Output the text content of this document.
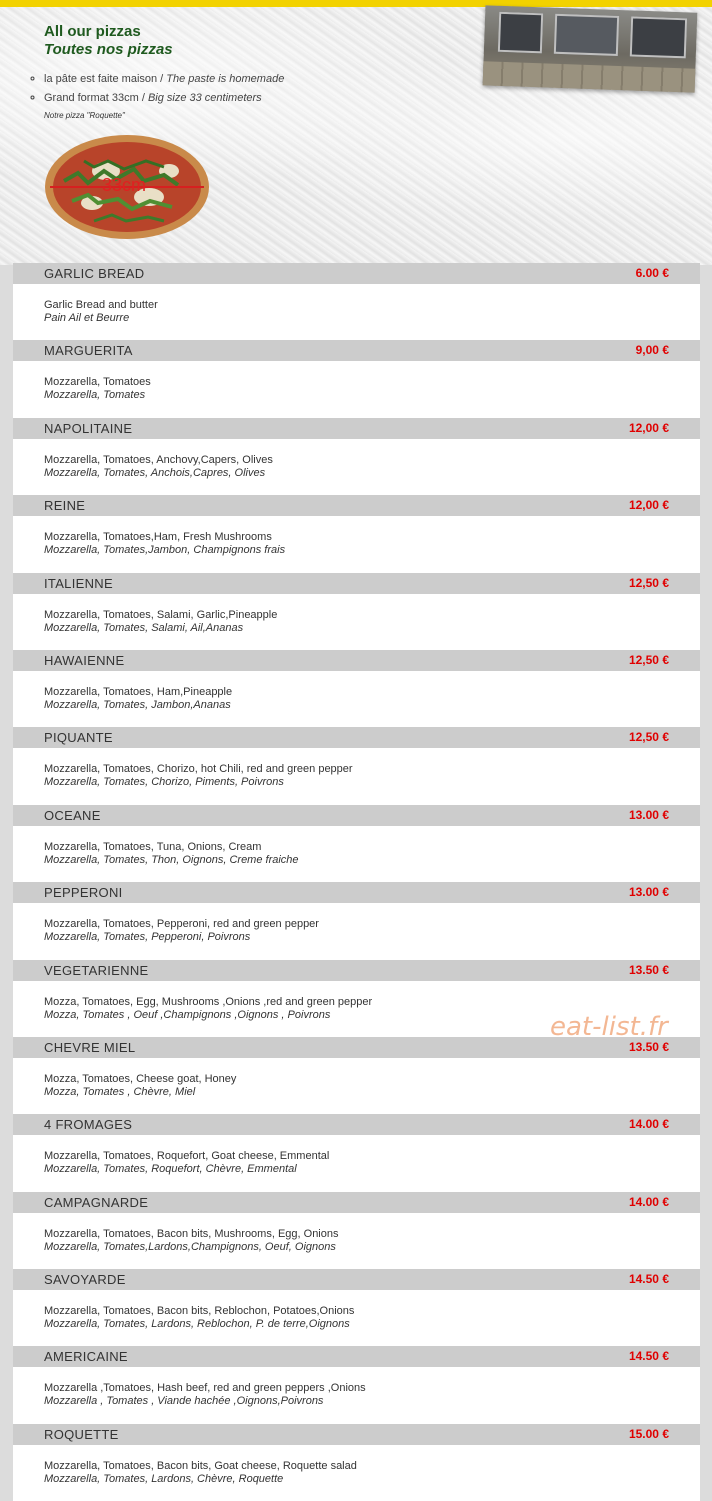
All our pizzas
Toutes nos pizzas
◦ la pâte est faite maison / The paste is homemade
◦ Grand format 33cm / Big size 33 centimeters
Notre pizza "Roquette"
33cm
GARLIC BREAD	6.00 €
Garlic Bread and butter
Pain Ail et Beurre
MARGUERITA	9,00 €
Mozzarella, Tomatoes
Mozzarella, Tomates
NAPOLITAINE	12,00 €
Mozzarella, Tomatoes, Anchovy,Capers, Olives
Mozzarella, Tomates, Anchois,Capres, Olives
REINE	12,00 €
Mozzarella, Tomatoes,Ham, Fresh Mushrooms
Mozzarella, Tomates,Jambon, Champignons frais
ITALIENNE	12,50 €
Mozzarella, Tomatoes, Salami, Garlic,Pineapple
Mozzarella, Tomates, Salami, Ail,Ananas
HAWAIENNE	12,50 €
Mozzarella, Tomatoes, Ham,Pineapple
Mozzarella, Tomates, Jambon,Ananas
PIQUANTE	12,50 €
Mozzarella, Tomatoes, Chorizo, hot Chili, red and green pepper
Mozzarella, Tomates, Chorizo, Piments, Poivrons
OCEANE	13.00 €
Mozzarella, Tomatoes, Tuna, Onions, Cream
Mozzarella, Tomates, Thon, Oignons, Creme fraiche
PEPPERONI	13.00 €
Mozzarella, Tomatoes, Pepperoni, red and green pepper
Mozzarella, Tomates, Pepperoni, Poivrons
VEGETARIENNE	13.50 €
Mozza, Tomatoes, Egg, Mushrooms ,Onions ,red and green pepper
Mozza, Tomates , Oeuf ,Champignons ,Oignons , Poivrons
CHEVRE MIEL	13.50 €
Mozza, Tomatoes, Cheese goat, Honey
Mozza, Tomates , Chèvre, Miel
4 FROMAGES	14.00 €
Mozzarella, Tomatoes, Roquefort, Goat cheese, Emmental
Mozzarella, Tomates, Roquefort, Chèvre, Emmental
CAMPAGNARDE	14.00 €
Mozzarella, Tomatoes, Bacon bits, Mushrooms, Egg, Onions
Mozzarella, Tomates,Lardons,Champignons, Oeuf, Oignons
SAVOYARDE	14.50 €
Mozzarella, Tomatoes, Bacon bits, Reblochon, Potatoes,Onions
Mozzarella, Tomates, Lardons, Reblochon, P. de terre,Oignons
AMERICAINE	14.50 €
Mozzarella ,Tomatoes, Hash beef, red and green peppers ,Onions
Mozzarella , Tomates , Viande hachée ,Oignons,Poivrons
ROQUETTE	15.00 €
Mozzarella, Tomatoes, Bacon bits, Goat cheese, Roquette salad
Mozzarella, Tomates, Lardons, Chèvre, Roquette
eat-list.fr
